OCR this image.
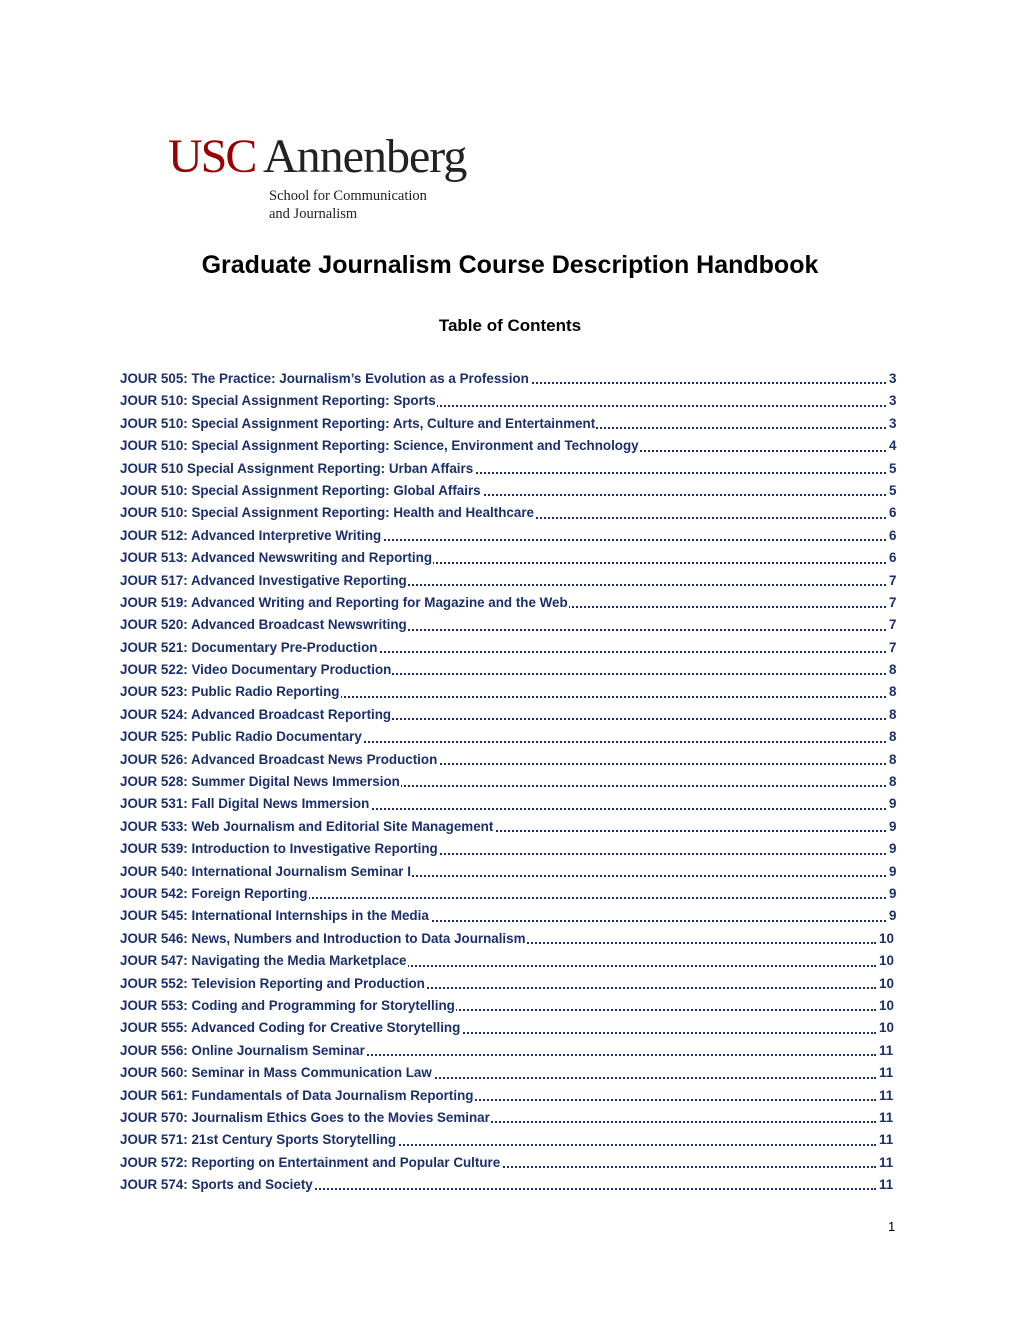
USC Annenberg
School for Communication
and Journalism
Graduate Journalism Course Description Handbook
Table of Contents
JOUR 505: The Practice: Journalism’s Evolution as a Profession	3
JOUR 510: Special Assignment Reporting: Sports	3
JOUR 510: Special Assignment Reporting: Arts, Culture and Entertainment	3
JOUR 510: Special Assignment Reporting: Science, Environment and Technology	4
JOUR 510 Special Assignment Reporting: Urban Affairs	5
JOUR 510: Special Assignment Reporting: Global Affairs	5
JOUR 510: Special Assignment Reporting: Health and Healthcare	6
JOUR 512: Advanced Interpretive Writing	6
JOUR 513: Advanced Newswriting and Reporting	6
JOUR 517: Advanced Investigative Reporting	7
JOUR 519: Advanced Writing and Reporting for Magazine and the Web	7
JOUR 520: Advanced Broadcast Newswriting	7
JOUR 521: Documentary Pre-Production	7
JOUR 522: Video Documentary Production	8
JOUR 523: Public Radio Reporting	8
JOUR 524: Advanced Broadcast Reporting	8
JOUR 525: Public Radio Documentary	8
JOUR 526: Advanced Broadcast News Production	8
JOUR 528: Summer Digital News Immersion	8
JOUR 531: Fall Digital News Immersion	9
JOUR 533: Web Journalism and Editorial Site Management	9
JOUR 539: Introduction to Investigative Reporting	9
JOUR 540: International Journalism Seminar I	9
JOUR 542: Foreign Reporting	9
JOUR 545: International Internships in the Media	9
JOUR 546: News, Numbers and Introduction to Data Journalism	10
JOUR 547: Navigating the Media Marketplace	10
JOUR 552: Television Reporting and Production	10
JOUR 553: Coding and Programming for Storytelling	10
JOUR 555: Advanced Coding for Creative Storytelling	10
JOUR 556: Online Journalism Seminar	11
JOUR 560: Seminar in Mass Communication Law	11
JOUR 561: Fundamentals of Data Journalism Reporting	11
JOUR 570: Journalism Ethics Goes to the Movies Seminar	11
JOUR 571: 21st Century Sports Storytelling	11
JOUR 572: Reporting on Entertainment and Popular Culture	11
JOUR 574: Sports and Society	11

1
